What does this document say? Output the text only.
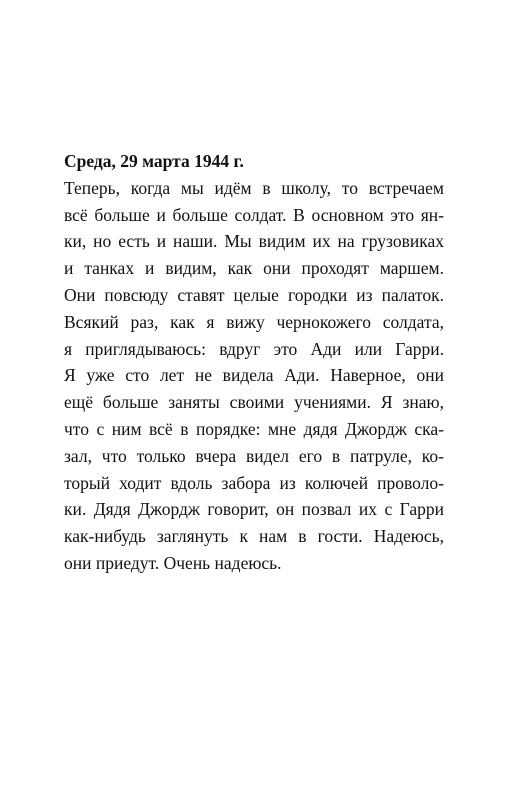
Среда, 29 марта 1944 г.
Теперь, когда мы идём в школу, то встречаем
всё больше и больше солдат. В основном это ян-
ки, но есть и наши. Мы видим их на грузовиках
и танках и видим, как они проходят маршем.
Они повсюду ставят целые городки из палаток.
Всякий раз, как я вижу чернокожего солдата,
я приглядываюсь: вдруг это Ади или Гарри.
Я уже сто лет не видела Ади. Наверное, они
ещё больше заняты своими учениями. Я знаю,
что с ним всё в порядке: мне дядя Джордж ска-
зал, что только вчера видел его в патруле, ко-
торый ходит вдоль забора из колючей проволо-
ки. Дядя Джордж говорит, он позвал их с Гарри
как-нибудь заглянуть к нам в гости. Надеюсь,
они приедут. Очень надеюсь.
